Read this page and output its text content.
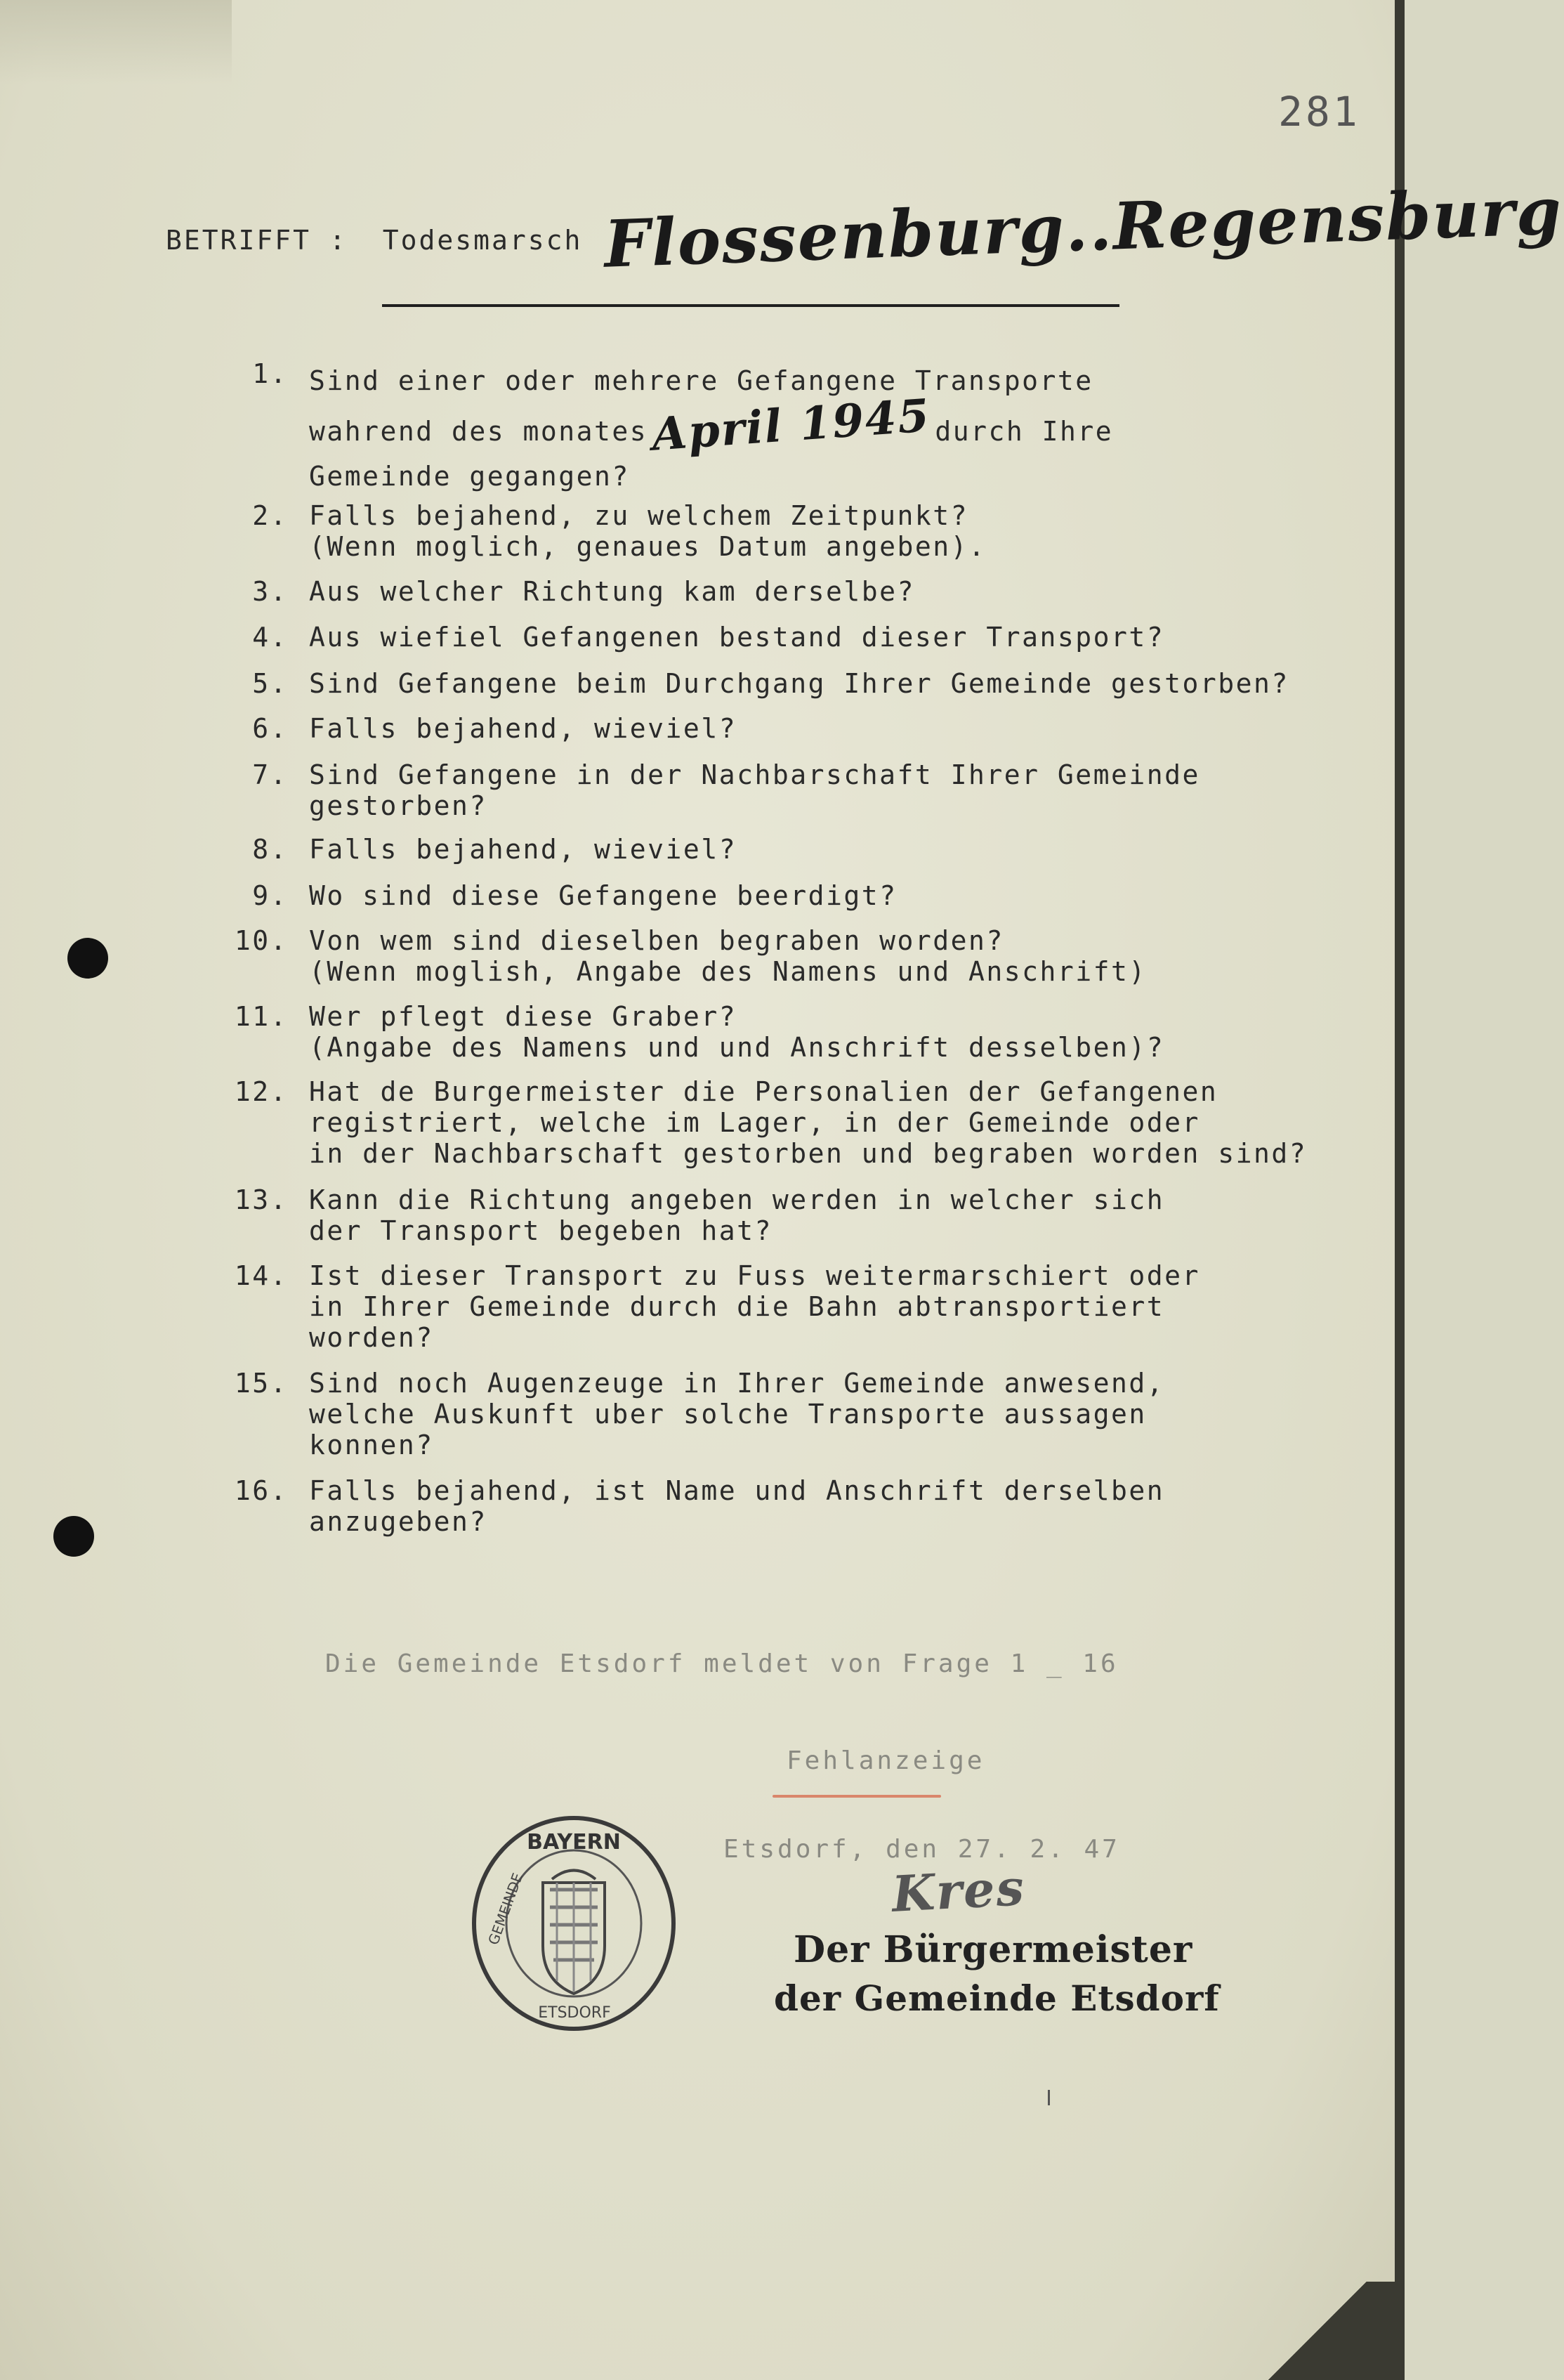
281
BETRIFFT : Todesmarsch Flossenburg..Regensburg
1. Sind einer oder mehrere Gefangene Transporte
wahrend des monatesApril 1945 durch Ihre
Gemeinde gegangen?
2. Falls bejahend, zu welchem Zeitpunkt?
(Wenn moglich, genaues Datum angeben).
3. Aus welcher Richtung kam derselbe?
4. Aus wiefiel Gefangenen bestand dieser Transport?
5. Sind Gefangene beim Durchgang Ihrer Gemeinde gestorben?
6. Falls bejahend, wieviel?
7. Sind Gefangene in der Nachbarschaft Ihrer Gemeinde
gestorben?
8. Falls bejahend, wieviel?
9. Wo sind diese Gefangene beerdigt?
10. Von wem sind dieselben begraben worden?
(Wenn moglish, Angabe des Namens und Anschrift)
11. Wer pflegt diese Graber?
(Angabe des Namens und und Anschrift desselben)?
12. Hat de Burgermeister die Personalien der Gefangenen
registriert, welche im Lager, in der Gemeinde oder
in der Nachbarschaft gestorben und begraben worden sind?
13. Kann die Richtung angeben werden in welcher sich
der Transport begeben hat?
14. Ist dieser Transport zu Fuss weitermarschiert oder
in Ihrer Gemeinde durch die Bahn abtransportiert
worden?
15. Sind noch Augenzeuge in Ihrer Gemeinde anwesend,
welche Auskunft uber solche Transporte aussagen
konnen?
16. Falls bejahend, ist Name und Anschrift derselben
anzugeben?
Die Gemeinde Etsdorf meldet von Frage 1 _ 16
Fehlanzeige
BAYERN
GEMEINDE
ETSDORF
Etsdorf, den 27. 2. 47
Kres
Der Bürgermeister
der Gemeinde Etsdorf
